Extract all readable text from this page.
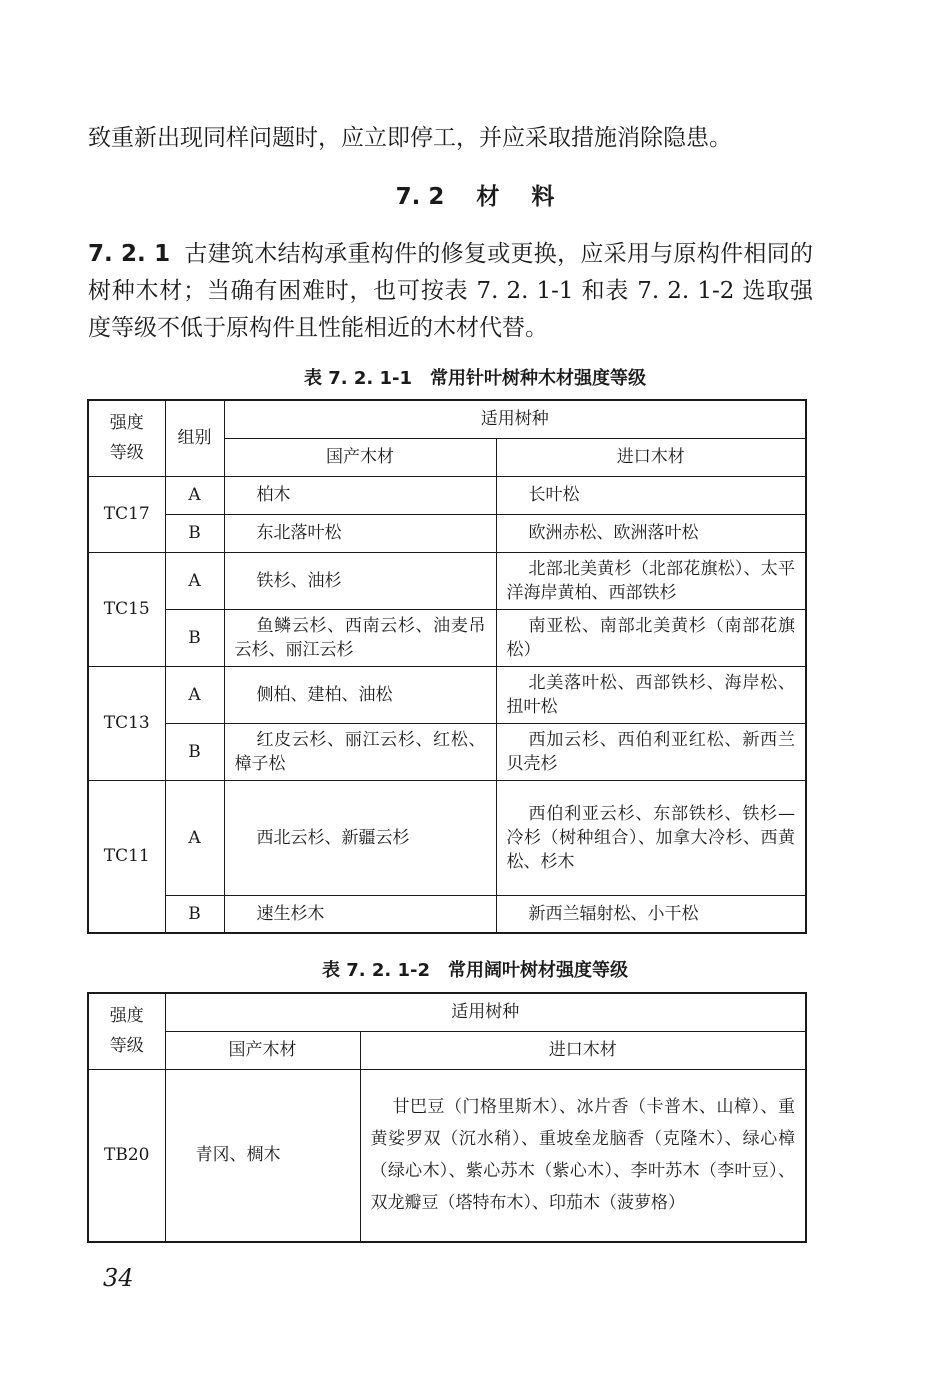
致重新出现同样问题时，应立即停工，并应采取措施消除隐患。

7. 2 材 料

7. 2. 1 古建筑木结构承重构件的修复或更换，应采用与原构件相同的树种木材；当确有困难时，也可按表 7. 2. 1-1 和表 7. 2. 1-2 选取强度等级不低于原构件且性能相近的木材代替。

表 7. 2. 1-1　常用针叶树种木材强度等级
强度等级	组别	适用树种	
		国产木材	进口木材
TC17	A	柏木	长叶松
	B	东北落叶松	欧洲赤松、欧洲落叶松
TC15	A	铁杉、油杉	北部北美黄杉（北部花旗松）、太平洋海岸黄柏、西部铁杉
	B	鱼鳞云杉、西南云杉、油麦吊云杉、丽江云杉	南亚松、南部北美黄杉（南部花旗松）
TC13	A	侧柏、建柏、油松	北美落叶松、西部铁杉、海岸松、扭叶松
	B	红皮云杉、丽江云杉、红松、樟子松	西加云杉、西伯利亚红松、新西兰贝壳杉
TC11	A	西北云杉、新疆云杉	西伯利亚云杉、东部铁杉、铁杉—冷杉（树种组合）、加拿大冷杉、西黄松、杉木
	B	速生杉木	新西兰辐射松、小干松
表 7. 2. 1-2　常用阔叶树材强度等级
强度等级	适用树种	
	国产木材	进口木材
TB20	青冈、椆木	甘巴豆（门格里斯木）、冰片香（卡普木、山樟）、重黄娑罗双（沉水稍）、重坡垒龙脑香（克隆木）、绿心樟（绿心木）、紫心苏木（紫心木）、李叶苏木（李叶豆）、双龙瓣豆（塔特布木）、印茄木（菠萝格）
34
